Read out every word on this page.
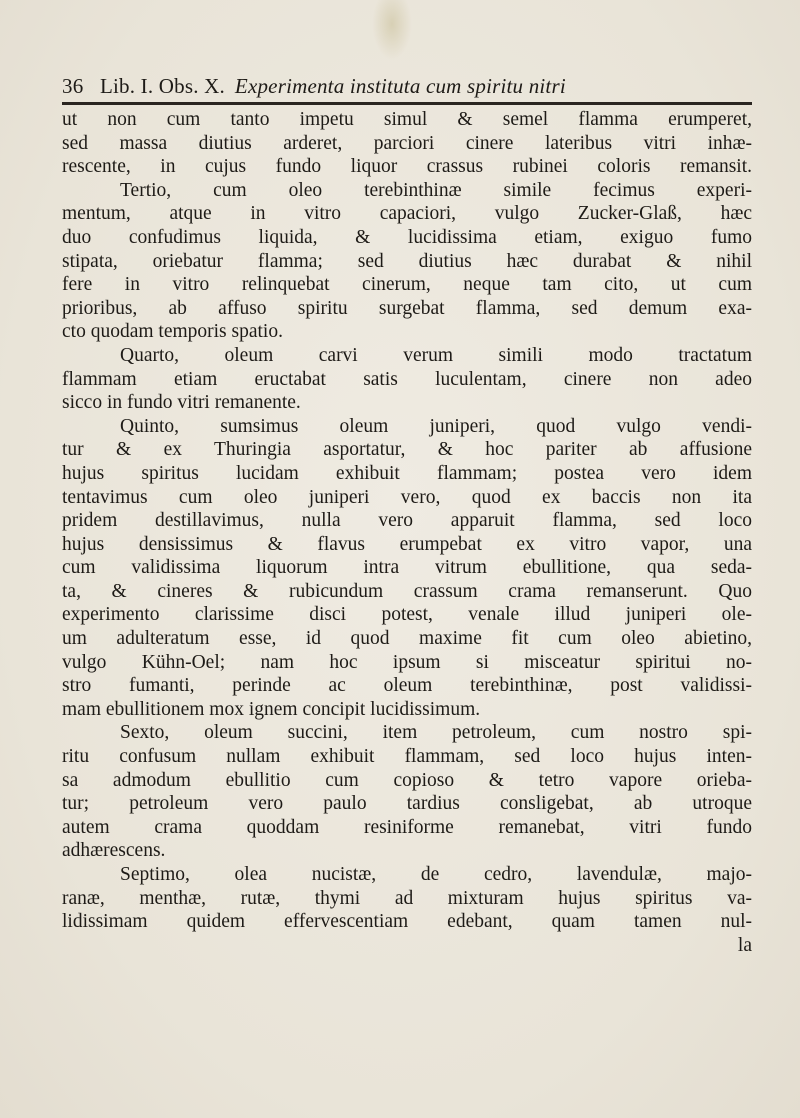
36 Lib. I. Obs. X. Experimenta instituta cum spiritu nitri
ut non cum tanto impetu simul & semel flamma erumperet,
sed massa diutius arderet, parciori cinere lateribus vitri inhæ-
rescente, in cujus fundo liquor crassus rubinei coloris remansit.
Tertio, cum oleo terebinthinæ simile fecimus experi-
mentum, atque in vitro capaciori, vulgo Zucker-Glaß, hæc
duo confudimus liquida, & lucidissima etiam, exiguo fumo
stipata, oriebatur flamma; sed diutius hæc durabat & nihil
fere in vitro relinquebat cinerum, neque tam cito, ut cum
prioribus, ab affuso spiritu surgebat flamma, sed demum exa-
cto quodam temporis spatio.
Quarto, oleum carvi verum simili modo tractatum
flammam etiam eructabat satis luculentam, cinere non adeo
sicco in fundo vitri remanente.
Quinto, sumsimus oleum juniperi, quod vulgo vendi-
tur & ex Thuringia asportatur, & hoc pariter ab affusione
hujus spiritus lucidam exhibuit flammam; postea vero idem
tentavimus cum oleo juniperi vero, quod ex baccis non ita
pridem destillavimus, nulla vero apparuit flamma, sed loco
hujus densissimus & flavus erumpebat ex vitro vapor, una
cum validissima liquorum intra vitrum ebullitione, qua seda-
ta, & cineres & rubicundum crassum crama remanserunt. Quo
experimento clarissime disci potest, venale illud juniperi ole-
um adulteratum esse, id quod maxime fit cum oleo abietino,
vulgo Kühn-Oel; nam hoc ipsum si misceatur spiritui no-
stro fumanti, perinde ac oleum terebinthinæ, post validissi-
mam ebullitionem mox ignem concipit lucidissimum.
Sexto, oleum succini, item petroleum, cum nostro spi-
ritu confusum nullam exhibuit flammam, sed loco hujus inten-
sa admodum ebullitio cum copioso & tetro vapore orieba-
tur; petroleum vero paulo tardius consligebat, ab utroque
autem crama quoddam resiniforme remanebat, vitri fundo
adhærescens.
Septimo, olea nucistæ, de cedro, lavendulæ, majo-
ranæ, menthæ, rutæ, thymi ad mixturam hujus spiritus va-
lidissimam quidem effervescentiam edebant, quam tamen nul-
la
